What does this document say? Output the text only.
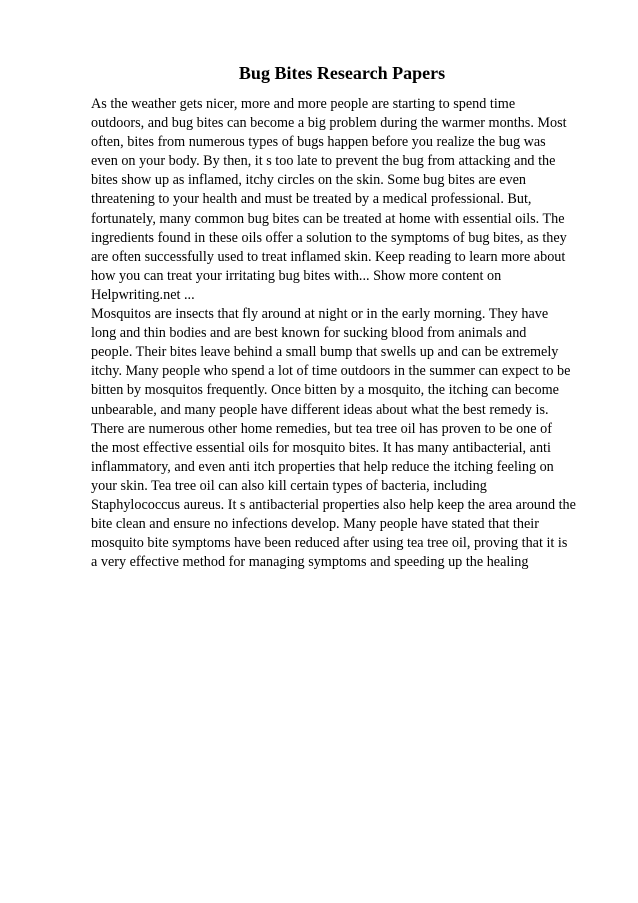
Bug Bites Research Papers
As the weather gets nicer, more and more people are starting to spend time
outdoors, and bug bites can become a big problem during the warmer months. Most
often, bites from numerous types of bugs happen before you realize the bug was
even on your body. By then, it s too late to prevent the bug from attacking and the
bites show up as inflamed, itchy circles on the skin. Some bug bites are even
threatening to your health and must be treated by a medical professional. But,
fortunately, many common bug bites can be treated at home with essential oils. The
ingredients found in these oils offer a solution to the symptoms of bug bites, as they
are often successfully used to treat inflamed skin. Keep reading to learn more about
how you can treat your irritating bug bites with... Show more content on
Helpwriting.net ...
Mosquitos are insects that fly around at night or in the early morning. They have
long and thin bodies and are best known for sucking blood from animals and
people. Their bites leave behind a small bump that swells up and can be extremely
itchy. Many people who spend a lot of time outdoors in the summer can expect to be
bitten by mosquitos frequently. Once bitten by a mosquito, the itching can become
unbearable, and many people have different ideas about what the best remedy is.
There are numerous other home remedies, but tea tree oil has proven to be one of
the most effective essential oils for mosquito bites. It has many antibacterial, anti
inflammatory, and even anti itch properties that help reduce the itching feeling on
your skin. Tea tree oil can also kill certain types of bacteria, including
Staphylococcus aureus. It s antibacterial properties also help keep the area around the
bite clean and ensure no infections develop. Many people have stated that their
mosquito bite symptoms have been reduced after using tea tree oil, proving that it is
a very effective method for managing symptoms and speeding up the healing
